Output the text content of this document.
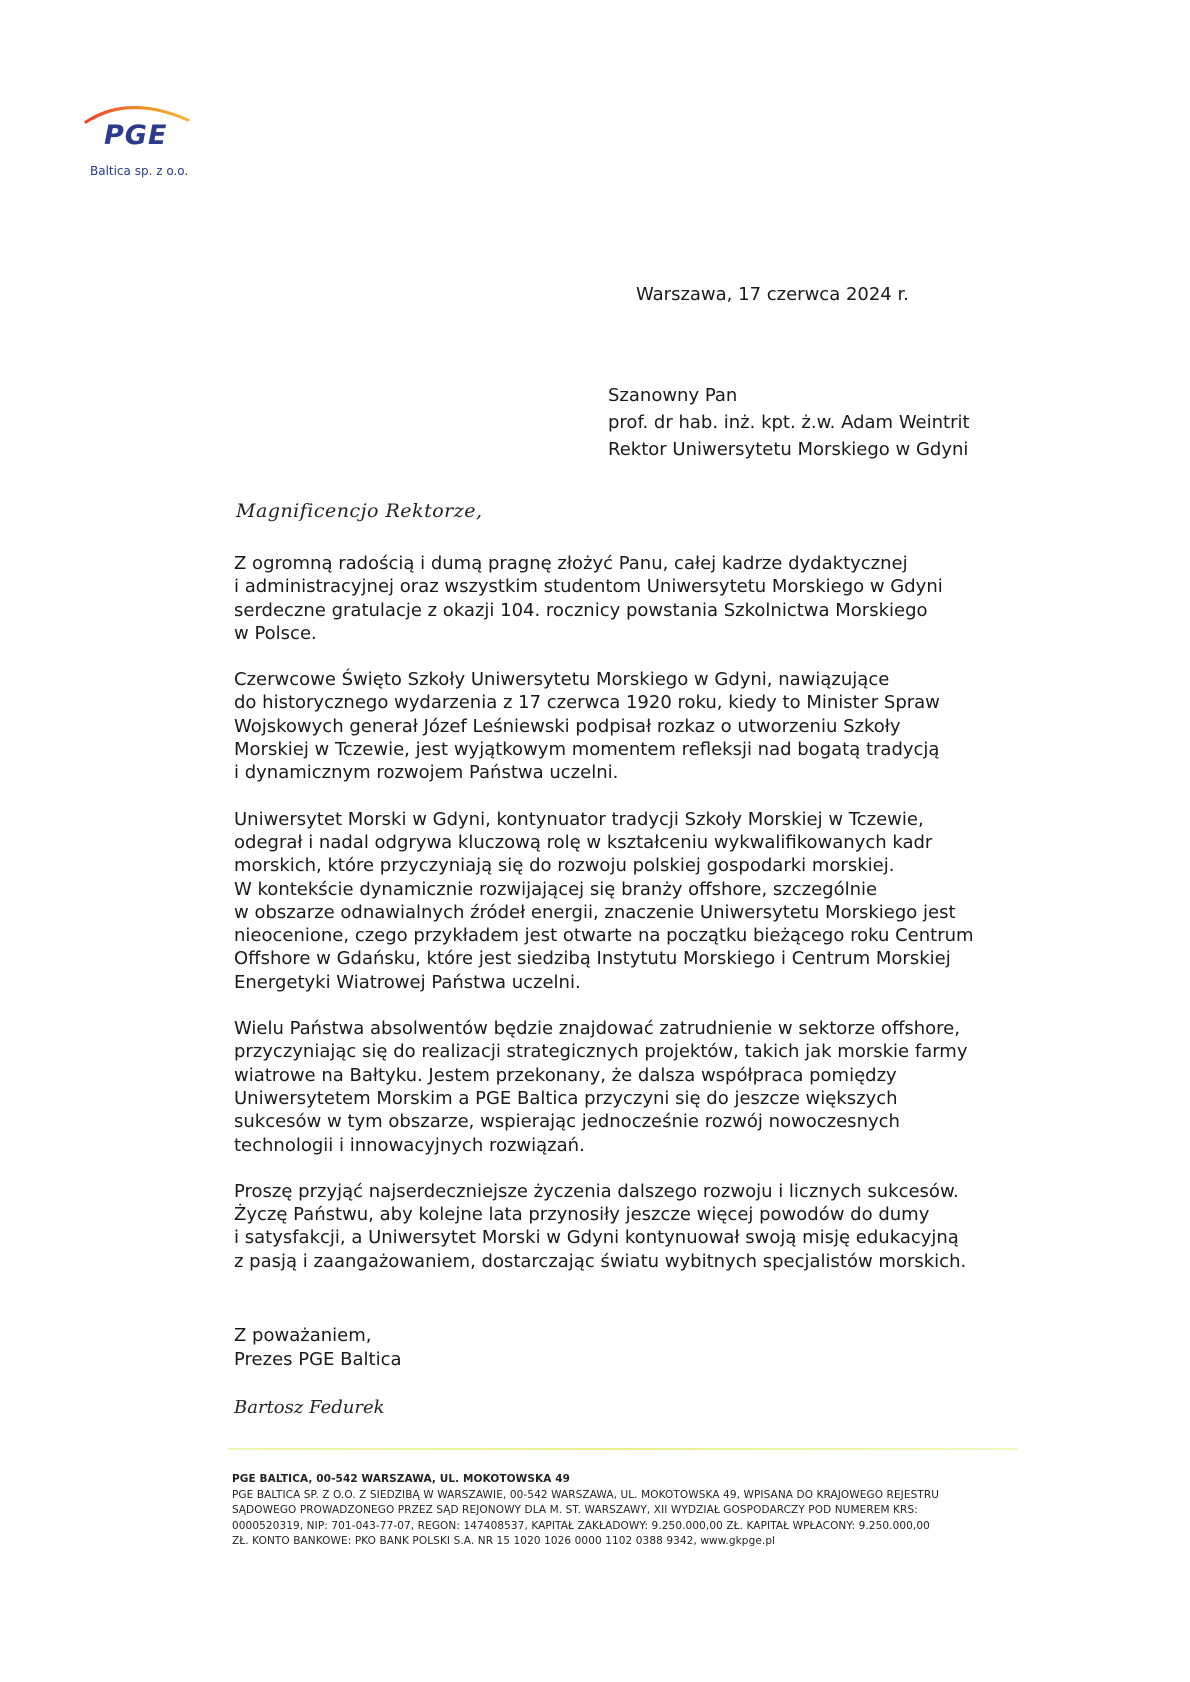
PGE
Baltica sp. z o.o.
Warszawa, 17 czerwca 2024 r.
Szanowny Pan
prof. dr hab. inż. kpt. ż.w. Adam Weintrit
Rektor Uniwersytetu Morskiego w Gdyni
Magnificencjo Rektorze,

Z ogromną radością i dumą pragnę złożyć Panu, całej kadrze dydaktycznej
i administracyjnej oraz wszystkim studentom Uniwersytetu Morskiego w Gdyni
serdeczne gratulacje z okazji 104. rocznicy powstania Szkolnictwa Morskiego
w Polsce.

Czerwcowe Święto Szkoły Uniwersytetu Morskiego w Gdyni, nawiązujące
do historycznego wydarzenia z 17 czerwca 1920 roku, kiedy to Minister Spraw
Wojskowych generał Józef Leśniewski podpisał rozkaz o utworzeniu Szkoły
Morskiej w Tczewie, jest wyjątkowym momentem refleksji nad bogatą tradycją
i dynamicznym rozwojem Państwa uczelni.

Uniwersytet Morski w Gdyni, kontynuator tradycji Szkoły Morskiej w Tczewie,
odegrał i nadal odgrywa kluczową rolę w kształceniu wykwalifikowanych kadr
morskich, które przyczyniają się do rozwoju polskiej gospodarki morskiej.
W kontekście dynamicznie rozwijającej się branży offshore, szczególnie
w obszarze odnawialnych źródeł energii, znaczenie Uniwersytetu Morskiego jest
nieocenione, czego przykładem jest otwarte na początku bieżącego roku Centrum
Offshore w Gdańsku, które jest siedzibą Instytutu Morskiego i Centrum Morskiej
Energetyki Wiatrowej Państwa uczelni.

Wielu Państwa absolwentów będzie znajdować zatrudnienie w sektorze offshore,
przyczyniając się do realizacji strategicznych projektów, takich jak morskie farmy
wiatrowe na Bałtyku. Jestem przekonany, że dalsza współpraca pomiędzy
Uniwersytetem Morskim a PGE Baltica przyczyni się do jeszcze większych
sukcesów w tym obszarze, wspierając jednocześnie rozwój nowoczesnych
technologii i innowacyjnych rozwiązań.

Proszę przyjąć najserdeczniejsze życzenia dalszego rozwoju i licznych sukcesów.
Życzę Państwu, aby kolejne lata przynosiły jeszcze więcej powodów do dumy
i satysfakcji, a Uniwersytet Morski w Gdyni kontynuował swoją misję edukacyjną
z pasją i zaangażowaniem, dostarczając światu wybitnych specjalistów morskich.

Z poważaniem,
Prezes PGE Baltica
Bartosz Fedurek
PGE BALTICA, 00-542 WARSZAWA, UL. MOKOTOWSKA 49
PGE BALTICA SP. Z O.O. Z SIEDZIBĄ W WARSZAWIE, 00-542 WARSZAWA, UL. MOKOTOWSKA 49, WPISANA DO KRAJOWEGO REJESTRU
SĄDOWEGO PROWADZONEGO PRZEZ SĄD REJONOWY DLA M. ST. WARSZAWY, XII WYDZIAŁ GOSPODARCZY POD NUMEREM KRS:
0000520319, NIP: 701-043-77-07, REGON: 147408537, KAPITAŁ ZAKŁADOWY: 9.250.000,00 ZŁ. KAPITAŁ WPŁACONY: 9.250.000,00
ZŁ. KONTO BANKOWE: PKO BANK POLSKI S.A. NR 15 1020 1026 0000 1102 0388 9342, www.gkpge.pl
